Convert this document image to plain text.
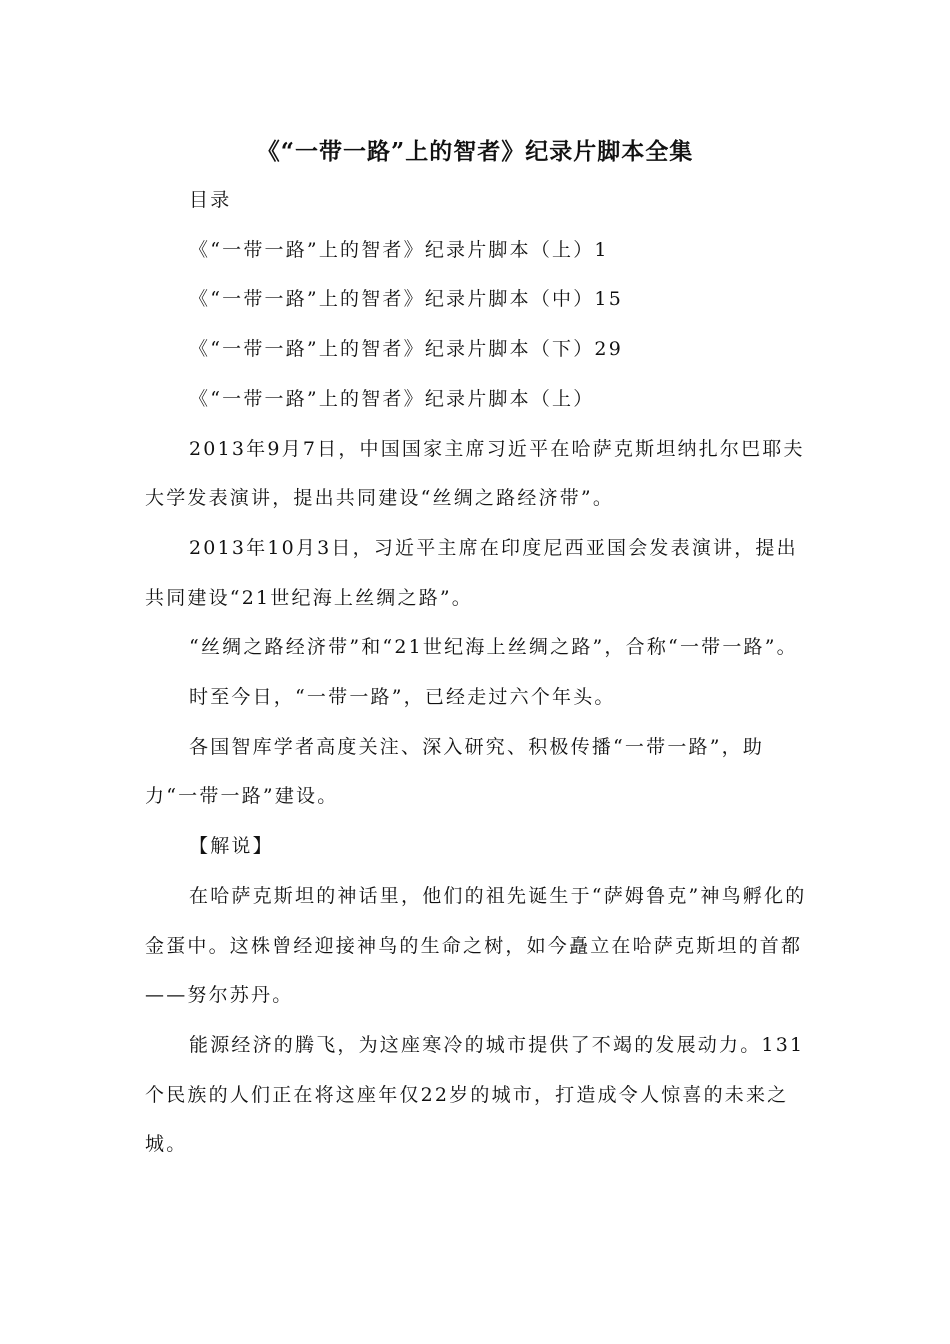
《“一带一路”上的智者》纪录片脚本全集

目录

《“一带一路”上的智者》纪录片脚本（上）1

《“一带一路”上的智者》纪录片脚本（中）15

《“一带一路”上的智者》纪录片脚本（下）29

《“一带一路”上的智者》纪录片脚本（上）

2013年9月7日，中国国家主席习近平在哈萨克斯坦纳扎尔巴耶夫大学发表演讲，提出共同建设“丝绸之路经济带”。

2013年10月3日，习近平主席在印度尼西亚国会发表演讲，提出共同建设“21世纪海上丝绸之路”。

“丝绸之路经济带”和“21世纪海上丝绸之路”，合称“一带一路”。

时至今日，“一带一路”，已经走过六个年头。

各国智库学者高度关注、深入研究、积极传播“一带一路”，助力“一带一路”建设。

【解说】

在哈萨克斯坦的神话里，他们的祖先诞生于“萨姆鲁克”神鸟孵化的金蛋中。这株曾经迎接神鸟的生命之树，如今矗立在哈萨克斯坦的首都——努尔苏丹。

能源经济的腾飞，为这座寒冷的城市提供了不竭的发展动力。131个民族的人们正在将这座年仅22岁的城市，打造成令人惊喜的未来之城。
